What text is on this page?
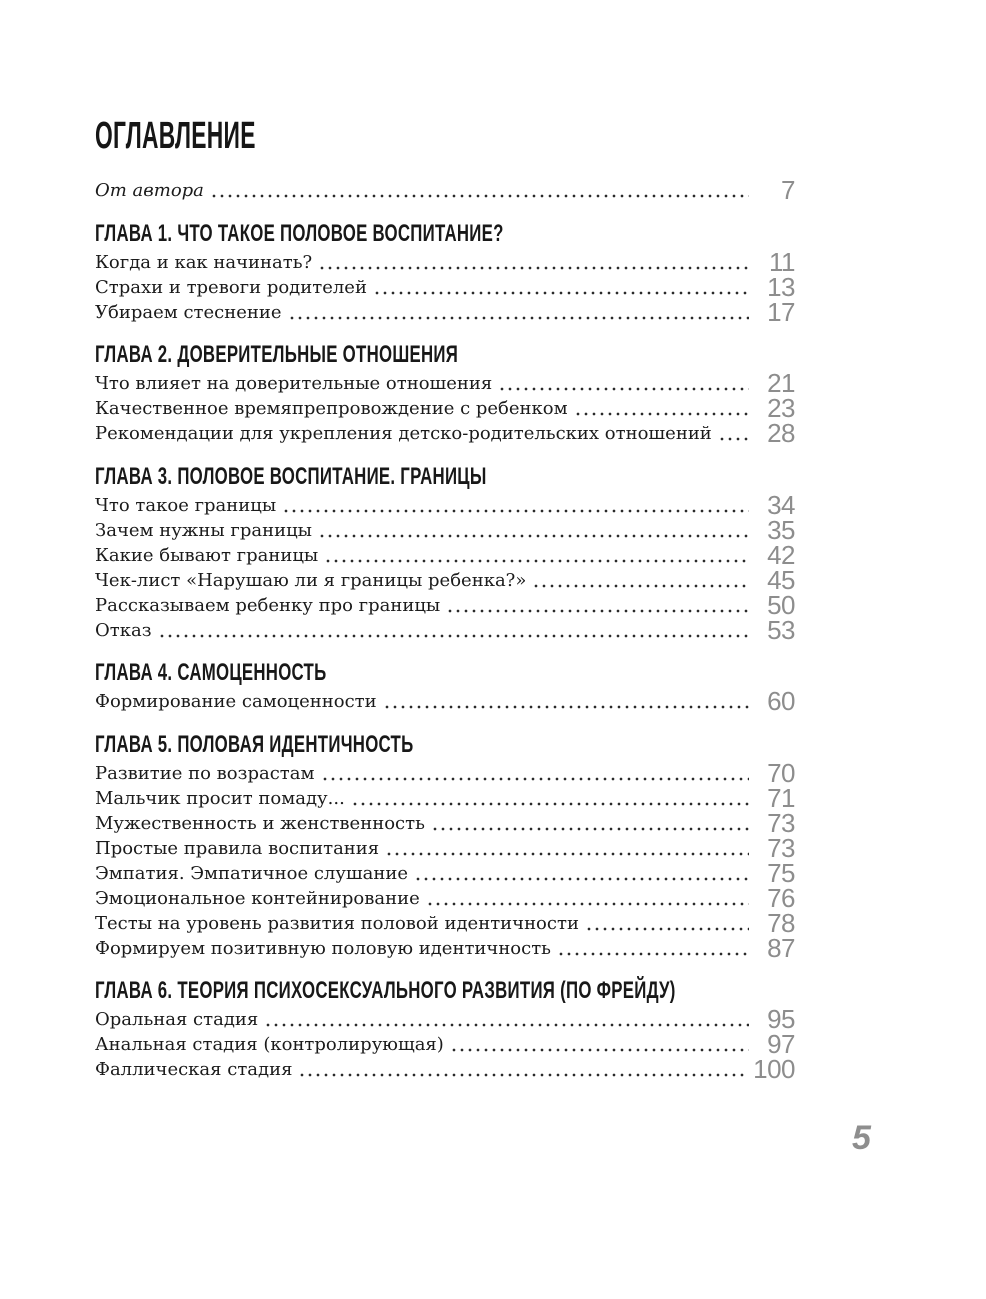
ОГЛАВЛЕНИЕ
От автора	7
ГЛАВА 1. ЧТО ТАКОЕ ПОЛОВОЕ ВОСПИТАНИЕ?
Когда и как начинать?	11
Страхи и тревоги родителей	13
Убираем стеснение	17
ГЛАВА 2. ДОВЕРИТЕЛЬНЫЕ ОТНОШЕНИЯ
Что влияет на доверительные отношения	21
Качественное времяпрепровождение с ребенком	23
Рекомендации для укрепления детско-родительских отношений	28
ГЛАВА 3. ПОЛОВОЕ ВОСПИТАНИЕ. ГРАНИЦЫ
Что такое границы	34
Зачем нужны границы	35
Какие бывают границы	42
Чек-лист «Нарушаю ли я границы ребенка?»	45
Рассказываем ребенку про границы	50
Отказ	53
ГЛАВА 4. САМОЦЕННОСТЬ
Формирование самоценности	60
ГЛАВА 5. ПОЛОВАЯ ИДЕНТИЧНОСТЬ
Развитие по возрастам	70
Мальчик просит помаду...	71
Мужественность и женственность	73
Простые правила воспитания	73
Эмпатия. Эмпатичное слушание	75
Эмоциональное контейнирование	76
Тесты на уровень развития половой идентичности	78
Формируем позитивную половую идентичность	87
ГЛАВА 6. ТЕОРИЯ ПСИХОСЕКСУАЛЬНОГО РАЗВИТИЯ (ПО ФРЕЙДУ)
Оральная стадия	95
Анальная стадия (контролирующая)	97
Фаллическая стадия	100
5
